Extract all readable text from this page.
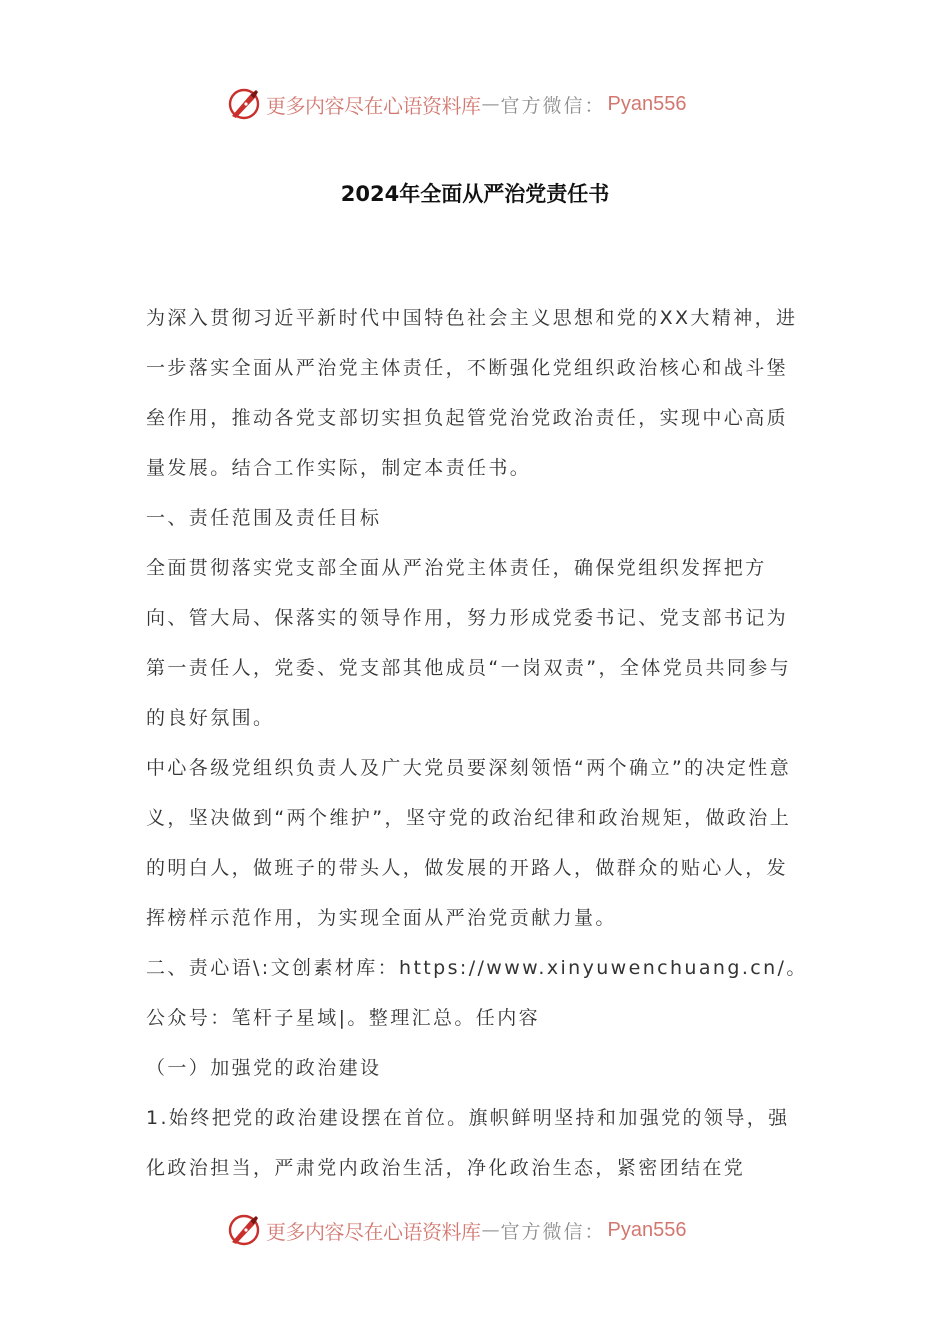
更多内容尽在心语资料库 — 官方微信： Pyan556
2024年全面从严治党责任书

为深入贯彻习近平新时代中国特色社会主义思想和党的XX大精神，进一步落实全面从严治党主体责任，不断强化党组织政治核心和战斗堡垒作用，推动各党支部切实担负起管党治党政治责任，实现中心高质量发展。结合工作实际，制定本责任书。

一、责任范围及责任目标

全面贯彻落实党支部全面从严治党主体责任，确保党组织发挥把方向、管大局、保落实的领导作用，努力形成党委书记、党支部书记为第一责任人，党委、党支部其他成员“一岗双责”，全体党员共同参与的良好氛围。

中心各级党组织负责人及广大党员要深刻领悟“两个确立”的决定性意义，坚决做到“两个维护”，坚守党的政治纪律和政治规矩，做政治上的明白人，做班子的带头人，做发展的开路人，做群众的贴心人，发挥榜样示范作用，为实现全面从严治党贡献力量。

二、责心语\:文创素材库：https://www.xinyuwenchuang.cn/。公众号：笔杆子星域|。整理汇总。任内容

（一）加强党的政治建设

1.始终把党的政治建设摆在首位。旗帜鲜明坚持和加强党的领导，强化政治担当，严肃党内政治生活，净化政治生态，紧密团结在党

更多内容尽在心语资料库 — 官方微信： Pyan556
